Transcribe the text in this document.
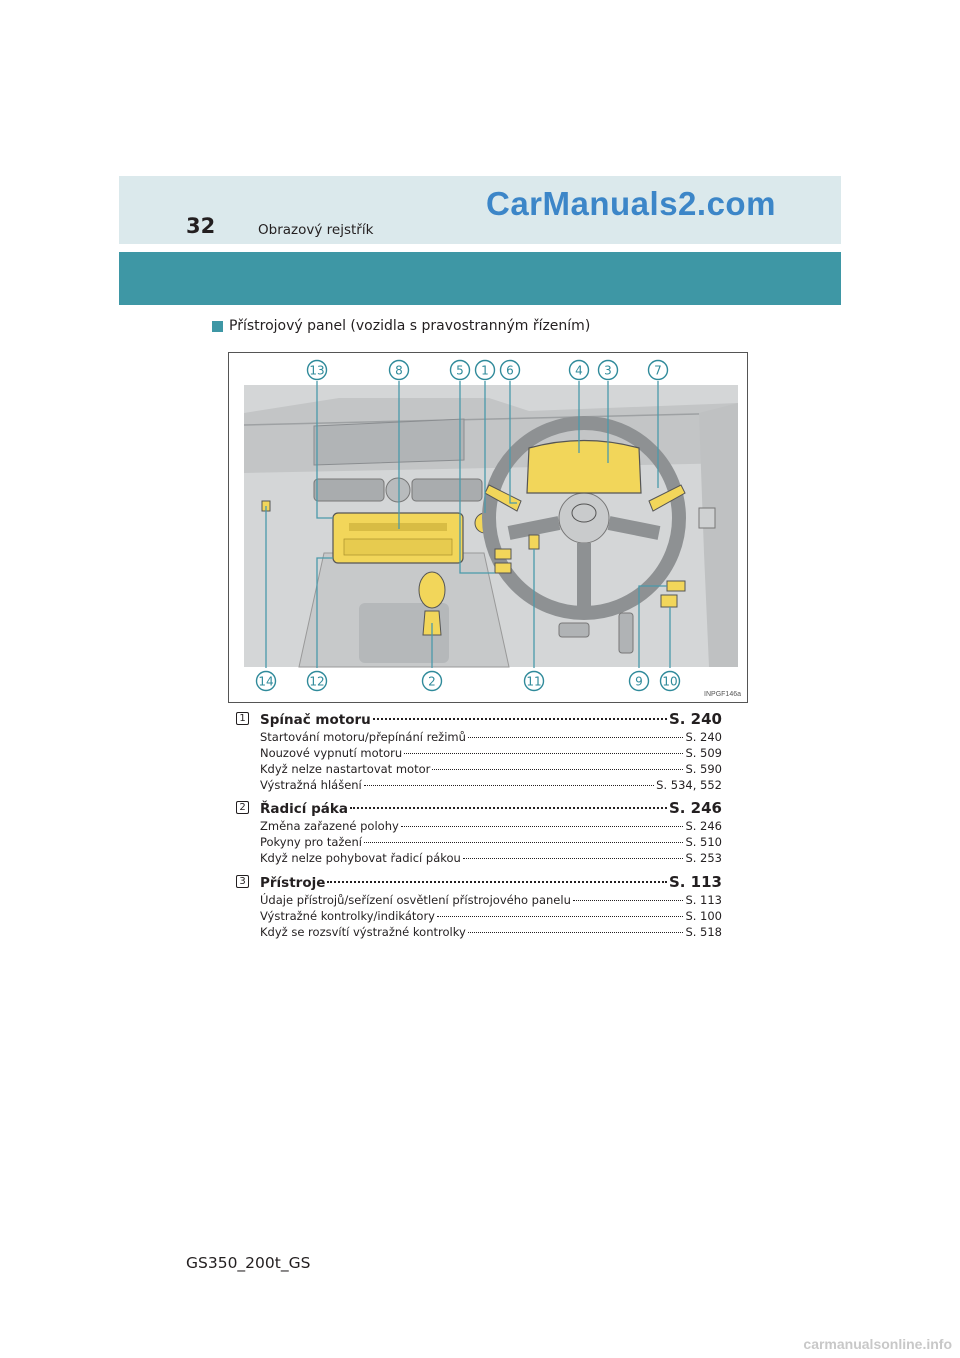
32	Obrazový rejstřík
CarManuals2.com
Přístrojový panel (vozidla s pravostranným řízením)
13	8	5 1 6	4 3	7
14	12	2	11	9 10
INPGF146a
1 Spínač motoru	S. 240
Startování motoru/přepínání režimů	S. 240
Nouzové vypnutí motoru	S. 509
Když nelze nastartovat motor	S. 590
Výstražná hlášení	S. 534, 552
2 Řadicí páka	S. 246
Změna zařazené polohy	S. 246
Pokyny pro tažení	S. 510
Když nelze pohybovat řadicí pákou	S. 253
3 Přístroje	S. 113
Údaje přístrojů/seřízení osvětlení přístrojového panelu	S. 113
Výstražné kontrolky/indikátory	S. 100
Když se rozsvítí výstražné kontrolky	S. 518
GS350_200t_GS
carmanualsonline.info
